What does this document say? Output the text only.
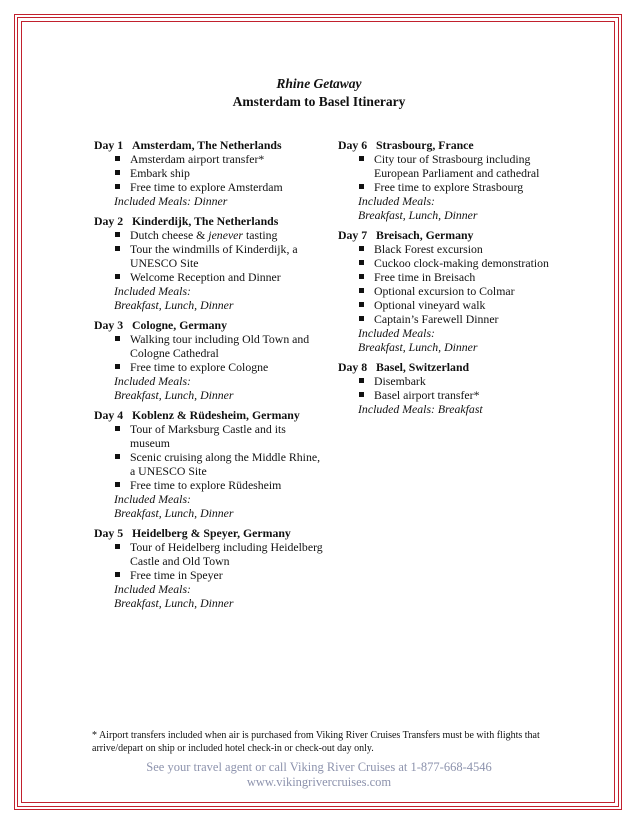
Rhine Getaway
Amsterdam to Basel Itinerary
Day 1 Amsterdam, The Netherlands
Amsterdam airport transfer*
Embark ship
Free time to explore Amsterdam
Included Meals: Dinner
Day 2 Kinderdijk, The Netherlands
Dutch cheese & jenever tasting
Tour the windmills of Kinderdijk, a UNESCO Site
Welcome Reception and Dinner
Included Meals:
Breakfast, Lunch, Dinner
Day 3 Cologne, Germany
Walking tour including Old Town and Cologne Cathedral
Free time to explore Cologne
Included Meals:
Breakfast, Lunch, Dinner
Day 4 Koblenz & Rüdesheim, Germany
Tour of Marksburg Castle and its museum
Scenic cruising along the Middle Rhine, a UNESCO Site
Free time to explore Rüdesheim
Included Meals:
Breakfast, Lunch, Dinner
Day 5 Heidelberg & Speyer, Germany
Tour of Heidelberg including Heidelberg Castle and Old Town
Free time in Speyer
Included Meals:
Breakfast, Lunch, Dinner
Day 6 Strasbourg, France
City tour of Strasbourg including European Parliament and cathedral
Free time to explore Strasbourg
Included Meals:
Breakfast, Lunch, Dinner
Day 7 Breisach, Germany
Black Forest excursion
Cuckoo clock-making demonstration
Free time in Breisach
Optional excursion to Colmar
Optional vineyard walk
Captain’s Farewell Dinner
Included Meals:
Breakfast, Lunch, Dinner
Day 8 Basel, Switzerland
Disembark
Basel airport transfer*
Included Meals: Breakfast
* Airport transfers included when air is purchased from Viking River Cruises Transfers must be with flights that arrive/depart on ship or included hotel check-in or check-out day only.
See your travel agent or call Viking River Cruises at 1-877-668-4546
www.vikingrivercruises.com
